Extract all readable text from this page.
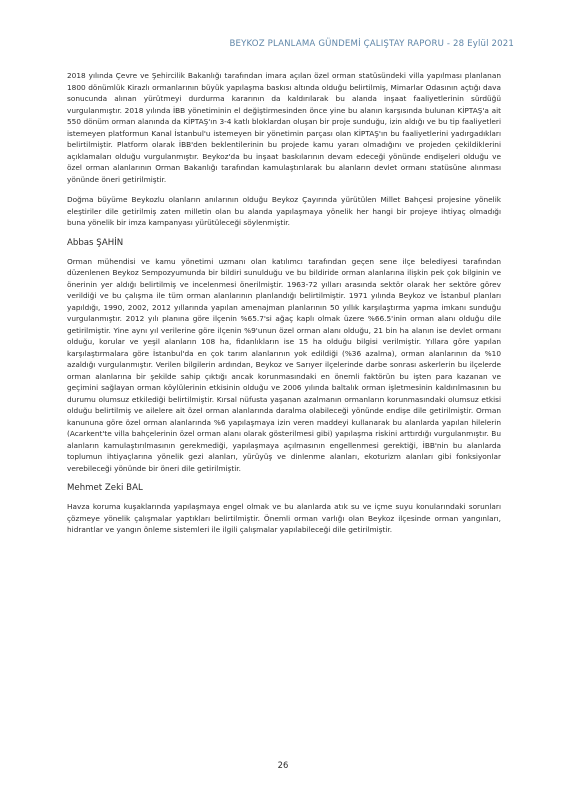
BEYKOZ PLANLAMA GÜNDEMİ ÇALIŞTAY RAPORU - 28 Eylül 2021

2018 yılında Çevre ve Şehircilik Bakanlığı tarafından imara açılan özel orman statüsündeki villa yapılması planlanan 1800 dönümlük Kirazlı ormanlarının büyük yapılaşma baskısı altında olduğu belirtilmiş, Mimarlar Odasının açtığı dava sonucunda alınan yürütmeyi durdurma kararının da kaldırılarak bu alanda inşaat faaliyetlerinin sürdüğü vurgulanmıştır. 2018 yılında İBB yönetiminin el değiştirmesinden önce yine bu alanın karşısında bulunan KİPTAŞ'a ait 550 dönüm orman alanında da KİPTAŞ'ın 3-4 katlı bloklardan oluşan bir proje sunduğu, izin aldığı ve bu tip faaliyetleri istemeyen platformun Kanal İstanbul'u istemeyen bir yönetimin parçası olan KİPTAŞ'ın bu faaliyetlerini yadırgadıkları belirtilmiştir. Platform olarak İBB'den beklentilerinin bu projede kamu yararı olmadığını ve projeden çekildiklerini açıklamaları olduğu vurgulanmıştır. Beykoz'da bu inşaat baskılarının devam edeceği yönünde endişeleri olduğu ve özel orman alanlarının Orman Bakanlığı tarafından kamulaştırılarak bu alanların devlet ormanı statüsüne alınması yönünde öneri getirilmiştir.

Doğma büyüme Beykozlu olanların anılarının olduğu Beykoz Çayırında yürütülen Millet Bahçesi projesine yönelik eleştiriler dile getirilmiş zaten milletin olan bu alanda yapılaşmaya yönelik her hangi bir projeye ihtiyaç olmadığı buna yönelik bir imza kampanyası yürütüleceği söylenmiştir.

Abbas ŞAHİN

Orman mühendisi ve kamu yönetimi uzmanı olan katılımcı tarafından geçen sene ilçe belediyesi tarafından düzenlenen Beykoz Sempozyumunda bir bildiri sunulduğu ve bu bildiride orman alanlarına ilişkin pek çok bilginin ve önerinin yer aldığı belirtilmiş ve incelenmesi önerilmiştir. 1963-72 yılları arasında sektör olarak her sektöre görev verildiği ve bu çalışma ile tüm orman alanlarının planlandığı belirtilmiştir. 1971 yılında Beykoz ve İstanbul planları yapıldığı, 1990, 2002, 2012 yıllarında yapılan amenajman planlarının 50 yıllık karşılaştırma yapma imkanı sunduğu vurgulanmıştır. 2012 yılı planına göre ilçenin %65.7'si ağaç kaplı olmak üzere %66.5'inin orman alanı olduğu dile getirilmiştir. Yine aynı yıl verilerine göre ilçenin %9'unun özel orman alanı olduğu, 21 bin ha alanın ise devlet ormanı olduğu, korular ve yeşil alanların 108 ha, fidanlıkların ise 15 ha olduğu bilgisi verilmiştir. Yıllara göre yapılan karşılaştırmalara göre İstanbul'da en çok tarım alanlarının yok edildiği (%36 azalma), orman alanlarının da %10 azaldığı vurgulanmıştır. Verilen bilgilerin ardından, Beykoz ve Sarıyer ilçelerinde darbe sonrası askerlerin bu ilçelerde orman alanlarına bir şekilde sahip çıktığı ancak korunmasındaki en önemli faktörün bu işten para kazanan ve geçimini sağlayan orman köylülerinin etkisinin olduğu ve 2006 yılında baltalık orman işletmesinin kaldırılmasının bu durumu olumsuz etkilediği belirtilmiştir. Kırsal nüfusta yaşanan azalmanın ormanların korunmasındaki olumsuz etkisi olduğu belirtilmiş ve ailelere ait özel orman alanlarında daralma olabileceği yönünde endişe dile getirilmiştir. Orman kanununa göre özel orman alanlarında %6 yapılaşmaya izin veren maddeyi kullanarak bu alanlarda yapılan hilelerin (Acarkent'te villa bahçelerinin özel orman alanı olarak gösterilmesi gibi) yapılaşma riskini arttırdığı vurgulanmıştır. Bu alanların kamulaştırılmasının gerekmediği, yapılaşmaya açılmasının engellenmesi gerektiği, İBB'nin bu alanlarda toplumun ihtiyaçlarına yönelik gezi alanları, yürüyüş ve dinlenme alanları, ekoturizm alanları gibi fonksiyonlar verebileceği yönünde bir öneri dile getirilmiştir.

Mehmet Zeki BAL

Havza koruma kuşaklarında yapılaşmaya engel olmak ve bu alanlarda atık su ve içme suyu konularındaki sorunları çözmeye yönelik çalışmalar yaptıkları belirtilmiştir. Önemli orman varlığı olan Beykoz ilçesinde orman yangınları, hidrantlar ve yangın önleme sistemleri ile ilgili çalışmalar yapılabileceği dile getirilmiştir.

26
